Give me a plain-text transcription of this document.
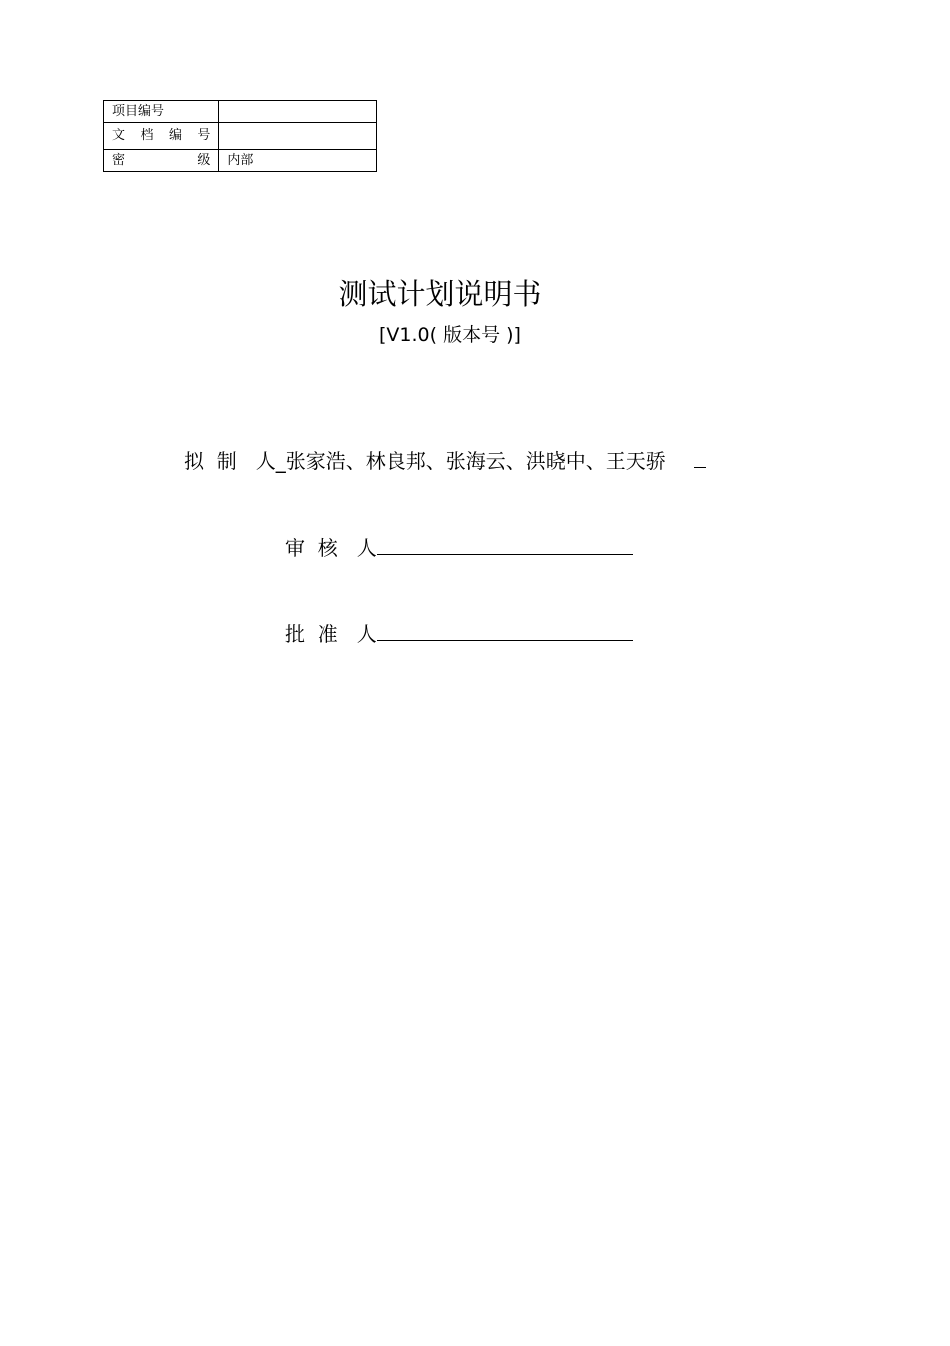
项目编号	

文档编号	

密级	内部
测试计划说明书
[V1.0( 版本号 )]
拟  制   人_张家浩、林良邦、张海云、洪晓中、王天骄
审  核   人
批  准   人
